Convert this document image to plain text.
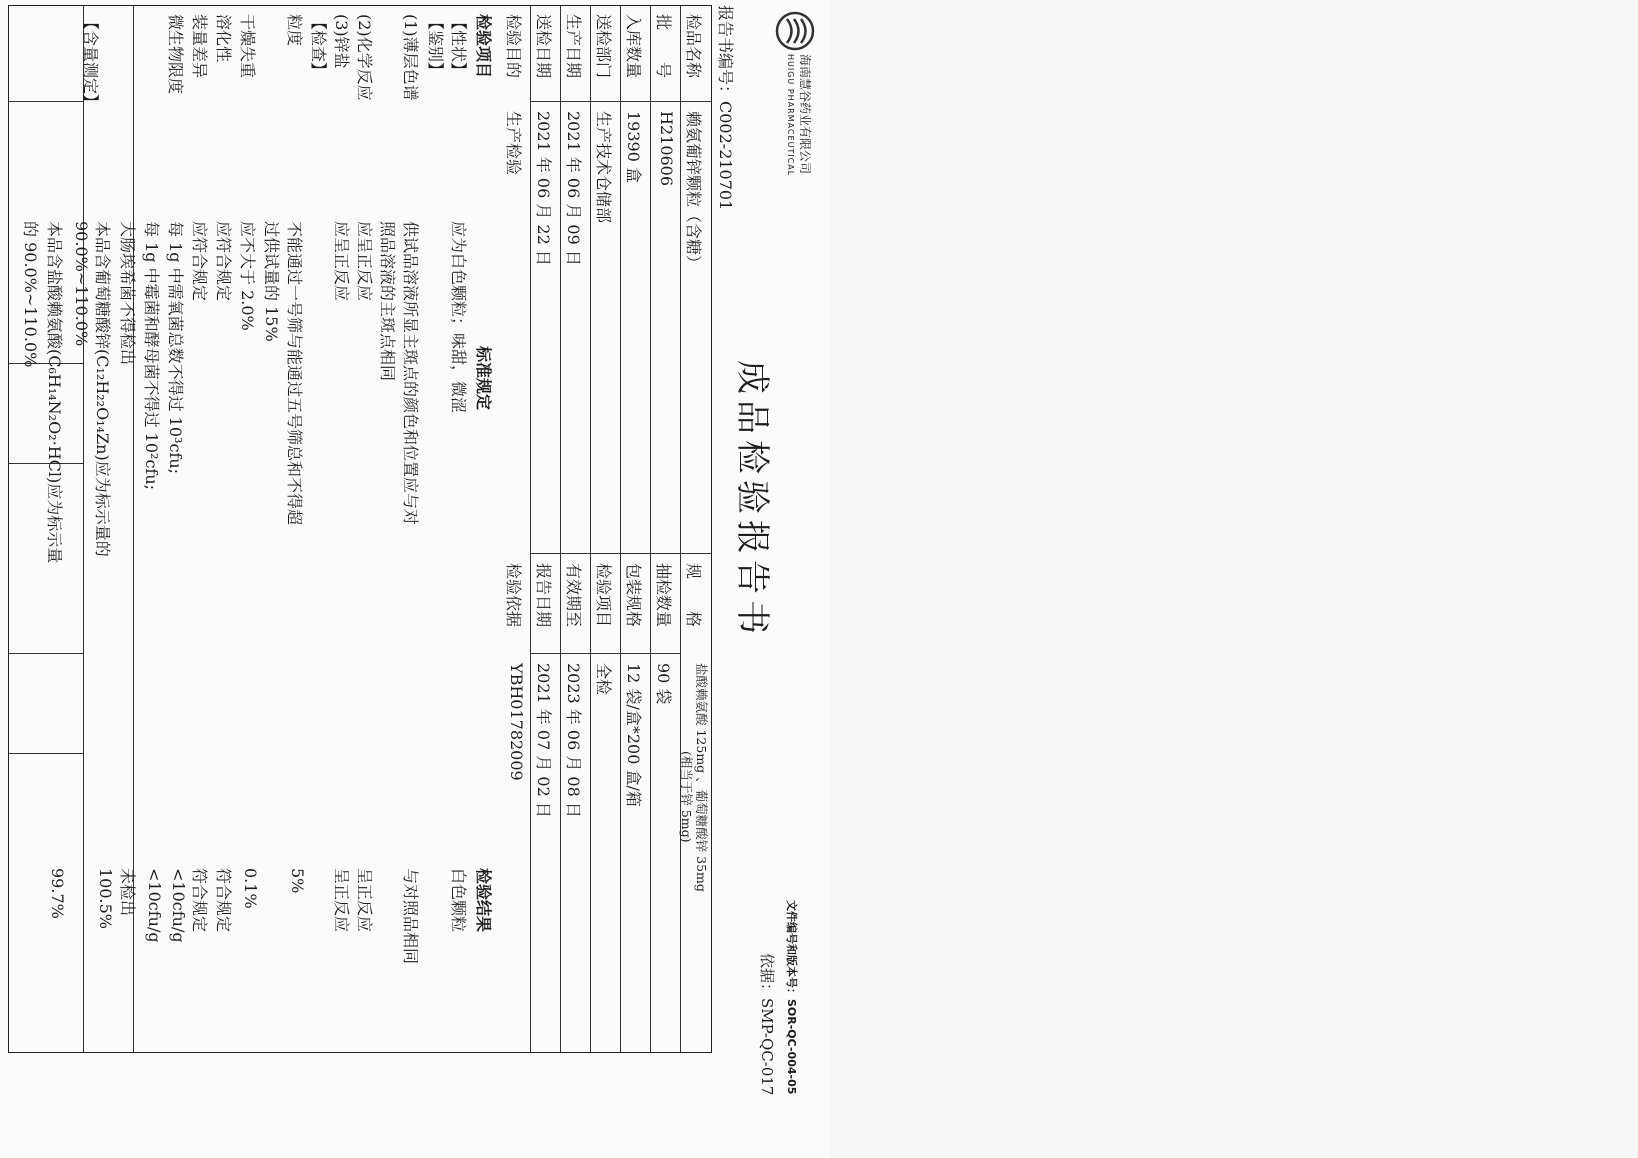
海南慧谷药业有限公司
HUIGU PHARMACEUTICAL
文件编号和版本号：SOR-QC-004-05
依据：SMP-QC-017
成品检验报告书
报告书编号：C002-210701
检品名称
赖氨葡锌颗粒（含糖）
规　　格
盐酸赖氨酸 125mg 、葡萄糖酸锌 35mg
(相当于锌 5mg)
批　　号
H210606
抽检数量
90 袋
入库数量
19390 盒
包装规格
12 袋/盒*200 盒/箱
送检部门
生产技术仓储部
检验项目
全检
生产日期
2021 年 06 月 09 日
有效期至
2023 年 06 月 08 日
送检日期
2021 年 06 月 22 日
报告日期
2021 年 07 月 02 日
检验目的
生产检验
检验依据
YBH01782009
检验项目
标准规定
检验结果
【性状】
应为白色颗粒；味甜，微涩
白色颗粒
【鉴别】
(1)薄层色谱
供试品溶液所显主斑点的颜色和位置应与对
与对照品相同
照品溶液的主斑点相同
(2)化学反应
应呈正反应
呈正反应
(3)锌盐
应呈正反应
呈正反应
【检查】
粒度
不能通过一号筛与能通过五号筛总和不得超
5%
过供试量的 15%
干燥失重
应不大于 2.0%
0.1%
溶化性
应符合规定
符合规定
装量差异
应符合规定
符合规定
微生物限度
每 1g 中需氧菌总数不得过 10³cfu;
<10cfu/g
每 1g 中霉菌和酵母菌不得过 10²cfu;
<10cfu/g
大肠埃希菌不得检出
未检出
本品含葡萄糖酸锌(C₁₂H₂₂O₁₄Zn)应为标示量的
100.5%
【含量测定】
90.0%~110.0%
本品含盐酸赖氨酸(C₆H₁₄N₂O₂·HCl)应为标示量
99.7%
的 90.0%~110.0%
